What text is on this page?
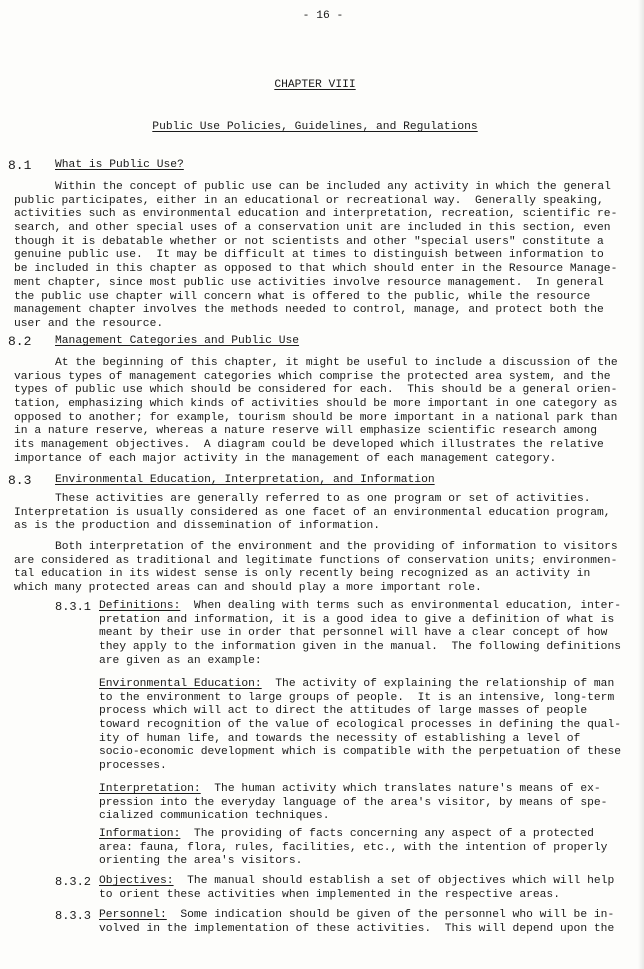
- 16 -
CHAPTER VIII
Public Use Policies, Guidelines, and Regulations
8.1 What is Public Use?
Within the concept of public use can be included any activity in which the general
public participates, either in an educational or recreational way.  Generally speaking,
activities such as environmental education and interpretation, recreation, scientific re-
search, and other special uses of a conservation unit are included in this section, even
though it is debatable whether or not scientists and other "special users" constitute a
genuine public use.  It may be difficult at times to distinguish between information to
be included in this chapter as opposed to that which should enter in the Resource Manage-
ment chapter, since most public use activities involve resource management.  In general
the public use chapter will concern what is offered to the public, while the resource
management chapter involves the methods needed to control, manage, and protect both the
user and the resource.
8.2 Management Categories and Public Use
At the beginning of this chapter, it might be useful to include a discussion of the
various types of management categories which comprise the protected area system, and the
types of public use which should be considered for each.  This should be a general orien-
tation, emphasizing which kinds of activities should be more important in one category as
opposed to another; for example, tourism should be more important in a national park than
in a nature reserve, whereas a nature reserve will emphasize scientific research among
its management objectives.  A diagram could be developed which illustrates the relative
importance of each major activity in the management of each management category.
8.3 Environmental Education, Interpretation, and Information
These activities are generally referred to as one program or set of activities.
Interpretation is usually considered as one facet of an environmental education program,
as is the production and dissemination of information.
Both interpretation of the environment and the providing of information to visitors
are considered as traditional and legitimate functions of conservation units; environmen-
tal education in its widest sense is only recently being recognized as an activity in
which many protected areas can and should play a more important role.
8.3.1 Definitions:  When dealing with terms such as environmental education, inter-
pretation and information, it is a good idea to give a definition of what is
meant by their use in order that personnel will have a clear concept of how
they apply to the information given in the manual.  The following definitions
are given as an example:
Environmental Education:  The activity of explaining the relationship of man
to the environment to large groups of people.  It is an intensive, long-term
process which will act to direct the attitudes of large masses of people
toward recognition of the value of ecological processes in defining the qual-
ity of human life, and towards the necessity of establishing a level of
socio-economic development which is compatible with the perpetuation of these
processes.
Interpretation:  The human activity which translates nature's means of ex-
pression into the everyday language of the area's visitor, by means of spe-
cialized communication techniques.
Information:  The providing of facts concerning any aspect of a protected
area: fauna, flora, rules, facilities, etc., with the intention of properly
orienting the area's visitors.
8.3.2 Objectives:  The manual should establish a set of objectives which will help
to orient these activities when implemented in the respective areas.
8.3.3 Personnel:  Some indication should be given of the personnel who will be in-
volved in the implementation of these activities.  This will depend upon the
